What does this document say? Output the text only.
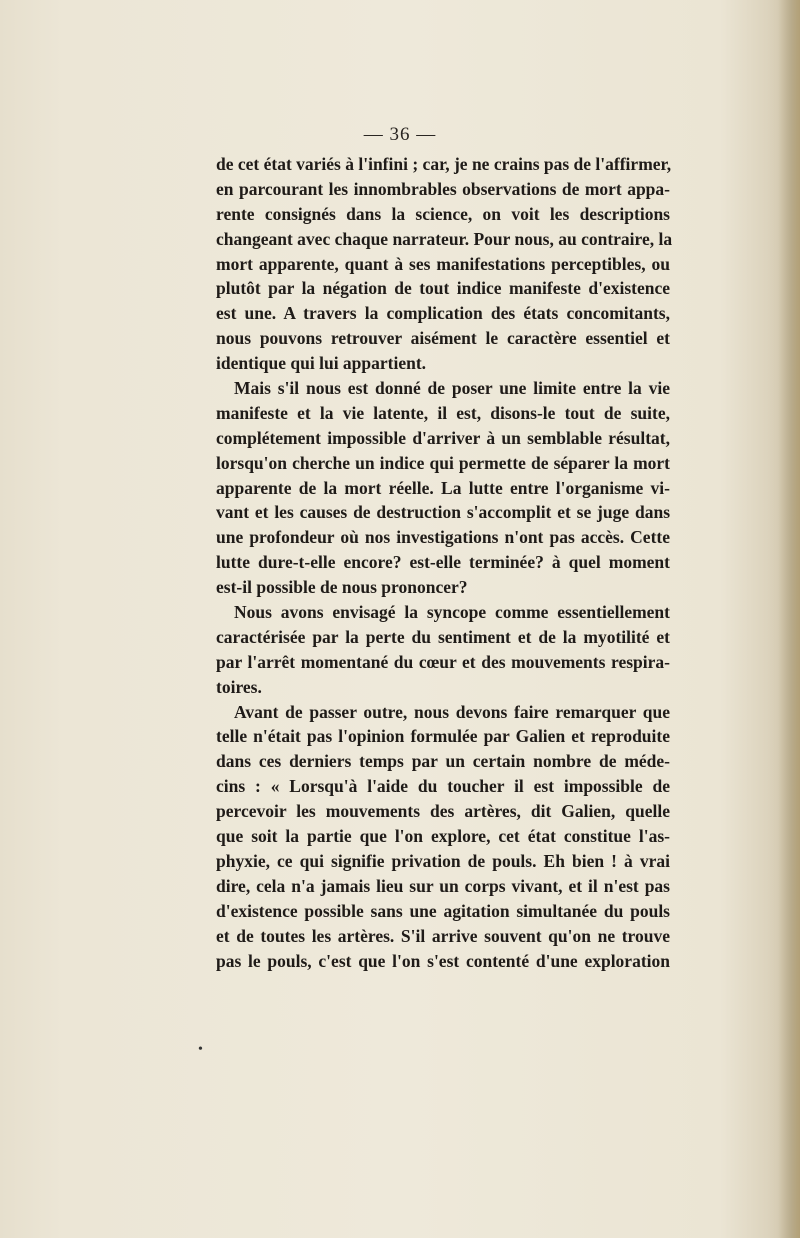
— 36 —
de cet état variés à l'infini ; car, je ne crains pas de l'affirmer,
en parcourant les innombrables observations de mort appa-
rente consignés dans la science, on voit les descriptions
changeant avec chaque narrateur. Pour nous, au contraire, la
mort apparente, quant à ses manifestations perceptibles, ou
plutôt par la négation de tout indice manifeste d'existence
est une. A travers la complication des états concomitants,
nous pouvons retrouver aisément le caractère essentiel et
identique qui lui appartient.
Mais s'il nous est donné de poser une limite entre la vie
manifeste et la vie latente, il est, disons-le tout de suite,
complétement impossible d'arriver à un semblable résultat,
lorsqu'on cherche un indice qui permette de séparer la mort
apparente de la mort réelle. La lutte entre l'organisme vi-
vant et les causes de destruction s'accomplit et se juge dans
une profondeur où nos investigations n'ont pas accès. Cette
lutte dure-t-elle encore? est-elle terminée? à quel moment
est-il possible de nous prononcer?
Nous avons envisagé la syncope comme essentiellement
caractérisée par la perte du sentiment et de la myotilité et
par l'arrêt momentané du cœur et des mouvements respira-
toires.
Avant de passer outre, nous devons faire remarquer que
telle n'était pas l'opinion formulée par Galien et reproduite
dans ces derniers temps par un certain nombre de méde-
cins : « Lorsqu'à l'aide du toucher il est impossible de
percevoir les mouvements des artères, dit Galien, quelle
que soit la partie que l'on explore, cet état constitue l'as-
phyxie, ce qui signifie privation de pouls. Eh bien ! à vrai
dire, cela n'a jamais lieu sur un corps vivant, et il n'est pas
d'existence possible sans une agitation simultanée du pouls
et de toutes les artères. S'il arrive souvent qu'on ne trouve
pas le pouls, c'est que l'on s'est contenté d'une exploration
•
